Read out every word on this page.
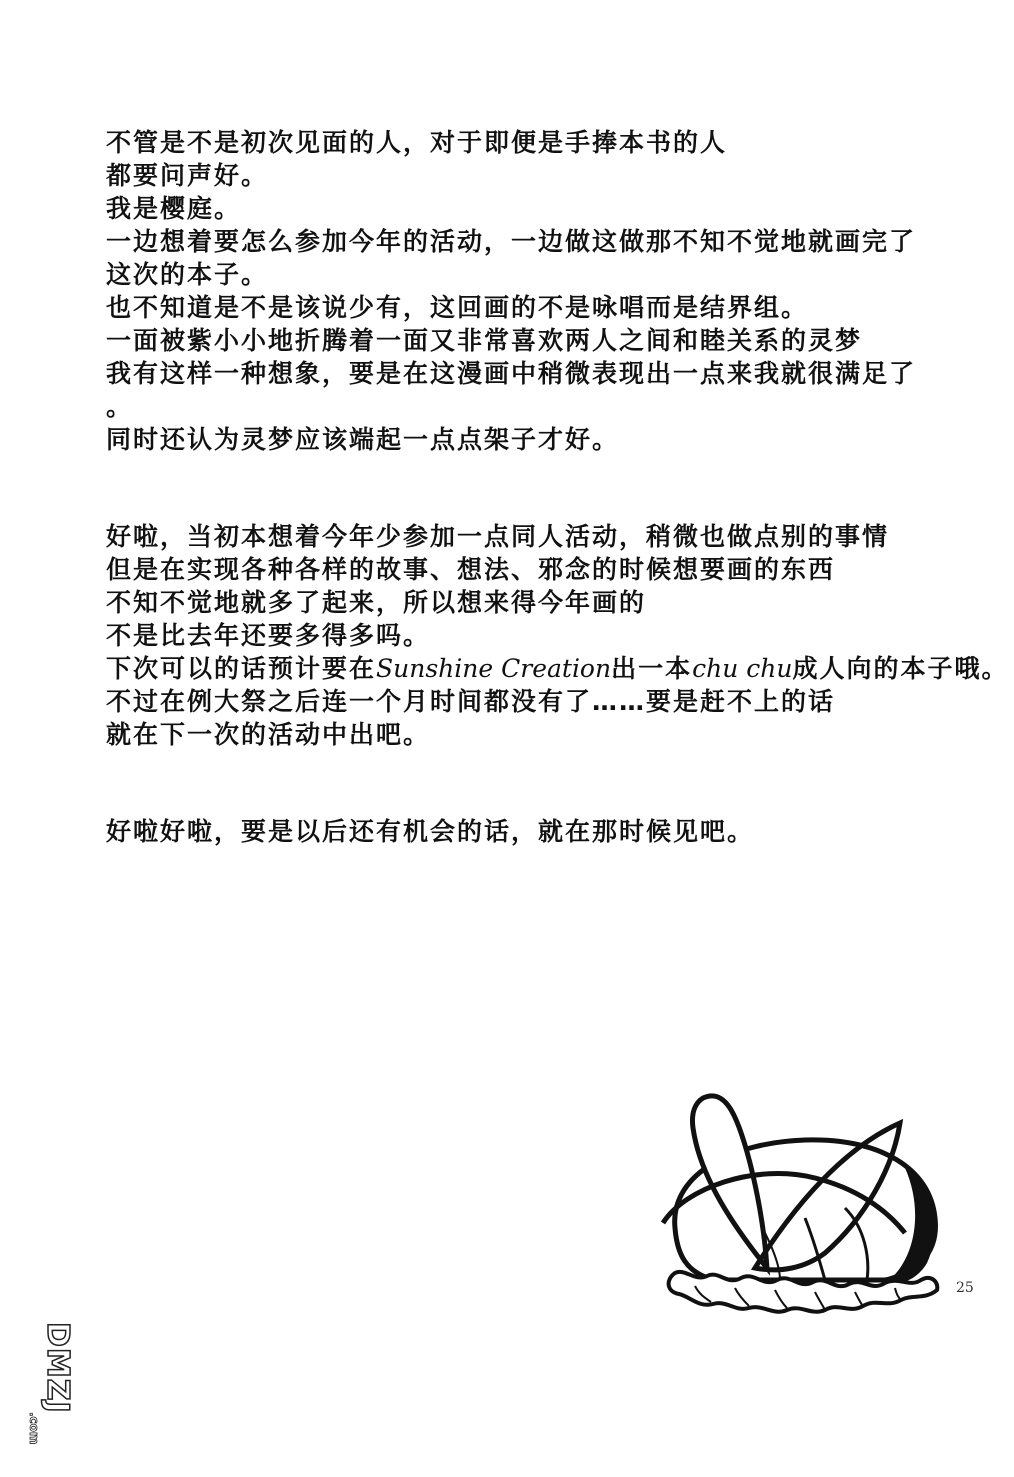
不管是不是初次见面的人，对于即便是手捧本书的人
都要问声好。
我是樱庭。
一边想着要怎么参加今年的活动，一边做这做那不知不觉地就画完了
这次的本子。
也不知道是不是该说少有，这回画的不是咏唱而是结界组。
一面被紫小小地折腾着一面又非常喜欢两人之间和睦关系的灵梦
我有这样一种想象，要是在这漫画中稍微表现出一点来我就很满足了
。
同时还认为灵梦应该端起一点点架子才好。
好啦，当初本想着今年少参加一点同人活动，稍微也做点别的事情
但是在实现各种各样的故事、想法、邪念的时候想要画的东西
不知不觉地就多了起来，所以想来得今年画的
不是比去年还要多得多吗。
下次可以的话预计要在Sunshine Creation出一本chu chu成人向的本子哦。
不过在例大祭之后连一个月时间都没有了……要是赶不上的话
就在下一次的活动中出吧。
好啦好啦，要是以后还有机会的话，就在那时候见吧。
25
DMZJ
.com
